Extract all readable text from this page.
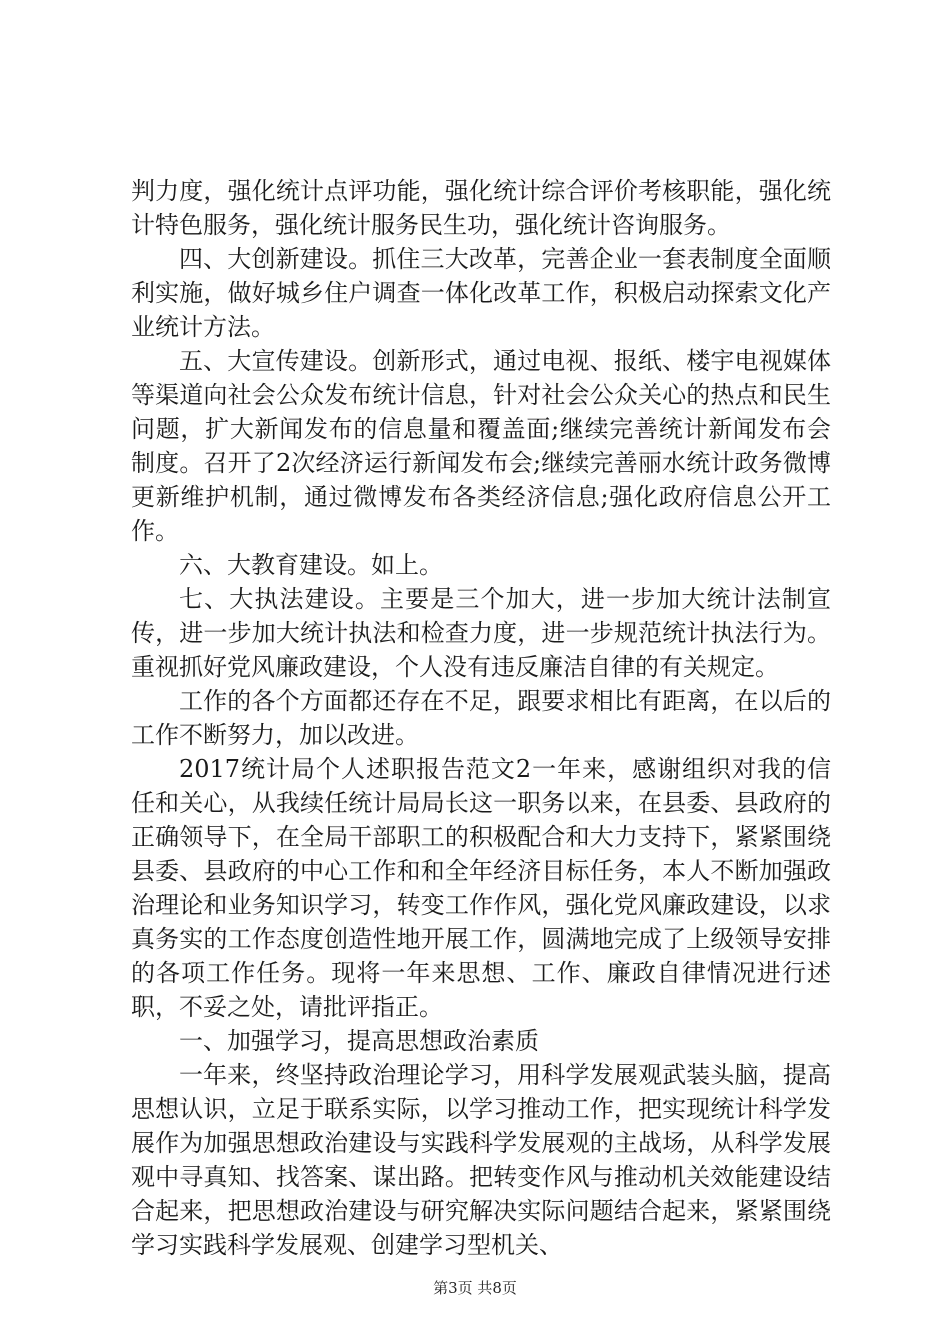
判力度，强化统计点评功能，强化统计综合评价考核职能，强化统计特色服务，强化统计服务民生功，强化统计咨询服务。

四、大创新建设。抓住三大改革，完善企业一套表制度全面顺利实施，做好城乡住户调查一体化改革工作，积极启动探索文化产业统计方法。

五、大宣传建设。创新形式，通过电视、报纸、楼宇电视媒体等渠道向社会公众发布统计信息，针对社会公众关心的热点和民生问题，扩大新闻发布的信息量和覆盖面;继续完善统计新闻发布会制度。召开了2次经济运行新闻发布会;继续完善丽水统计政务微博更新维护机制，通过微博发布各类经济信息;强化政府信息公开工作。

六、大教育建设。如上。

七、大执法建设。主要是三个加大，进一步加大统计法制宣传，进一步加大统计执法和检查力度，进一步规范统计执法行为。重视抓好党风廉政建设，个人没有违反廉洁自律的有关规定。

工作的各个方面都还存在不足，跟要求相比有距离，在以后的工作不断努力，加以改进。

2017统计局个人述职报告范文2一年来，感谢组织对我的信任和关心，从我续任统计局局长这一职务以来，在县委、县政府的正确领导下，在全局干部职工的积极配合和大力支持下，紧紧围绕县委、县政府的中心工作和和全年经济目标任务，本人不断加强政治理论和业务知识学习，转变工作作风，强化党风廉政建设，以求真务实的工作态度创造性地开展工作，圆满地完成了上级领导安排的各项工作任务。现将一年来思想、工作、廉政自律情况进行述职，不妥之处，请批评指正。

一、加强学习，提高思想政治素质

一年来，终坚持政治理论学习，用科学发展观武装头脑，提高思想认识，立足于联系实际，以学习推动工作，把实现统计科学发展作为加强思想政治建设与实践科学发展观的主战场，从科学发展观中寻真知、找答案、谋出路。把转变作风与推动机关效能建设结合起来，把思想政治建设与研究解决实际问题结合起来，紧紧围绕学习实践科学发展观、创建学习型机关、

第3页 共8页
